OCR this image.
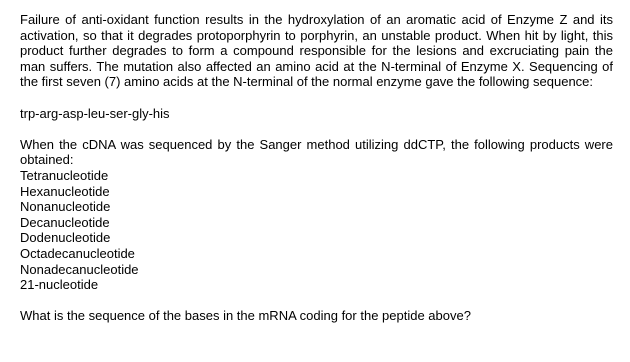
Failure of anti-oxidant function results in the hydroxylation of an aromatic acid of Enzyme Z and its activation, so that it degrades protoporphyrin to porphyrin, an unstable product. When hit by light, this product further degrades to form a compound responsible for the lesions and excruciating pain the man suffers. The mutation also affected an amino acid at the N-terminal of Enzyme X. Sequencing of the first seven (7) amino acids at the N-terminal of the normal enzyme gave the following sequence:

trp-arg-asp-leu-ser-gly-his

When the cDNA was sequenced by the Sanger method utilizing ddCTP, the following products were obtained:

Tetranucleotide

Hexanucleotide

Nonanucleotide

Decanucleotide

Dodenucleotide

Octadecanucleotide

Nonadecanucleotide

21-nucleotide

What is the sequence of the bases in the mRNA coding for the peptide above?
